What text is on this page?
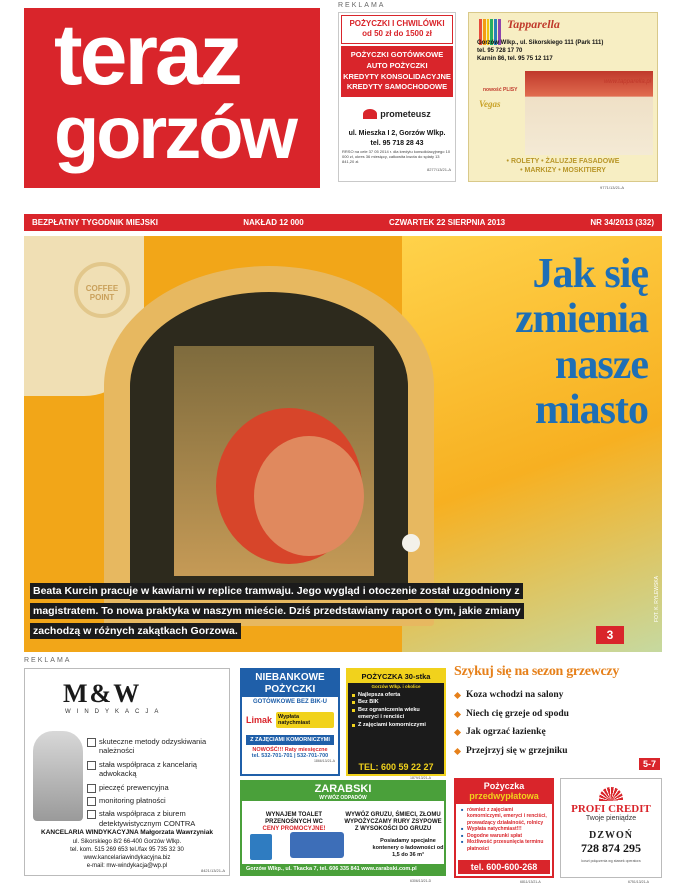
teraz
gorzów
REKLAMA
POŻYCZKI I CHWILÓWKI od 50 zł do 1500 zł
POŻYCZKI GOTÓWKOWE
AUTO POŻYCZKI
KREDYTY KONSOLIDACYJNE
KREDYTY SAMOCHODOWE
prometeusz
ul. Mieszka I 2, Gorzów Wlkp.
tel. 95 718 28 43
RRSO na cele 37 05 2014 r. dla kredytu konsolidacyjnego 10 000 zł, okres 36 miesięcy, całkowita kwota do spłaty 13 841,20 zł.
8277/13/21-A
Tapparella
Gorzów Wlkp., ul. Sikorskiego 111 (Park 111)
tel. 95 728 17 70
Karnin 86, tel. 95 75 12 117
www.tapparella.pl
nowość PLISY
Vegas
• ROLETY • ŻALUZJE FASADOWE
• MARKIZY • MOSKITIERY
9771/13/21-A
BEZPŁATNY TYGODNIK MIEJSKI	NAKŁAD 12 000	CZWARTEK 22 SIERPNIA 2013	NR 34/2013 (332)
COFFEE POINT
Jak się
zmienia
nasze
miasto
Beata Kurcin pracuje w kawiarni w replice tramwaju. Jego wygląd i otoczenie został uzgodniony z magistratem. To nowa praktyka w naszym mieście. Dziś przedstawiamy raport o tym, jakie zmiany zachodzą w różnych zakątkach Gorzowa.	3
FOT. K. RYLEWSKA
REKLAMA
M&W
WINDYKACJA
skuteczne metody odzyskiwania należności
stała współpraca z kancelarią adwokacką
pieczęć prewencyjna
monitoring płatności
stała współpraca z biurem detektywistycznym CONTRA
KANCELARIA WINDYKACYJNA Małgorzata Wawrzyniak
ul. Sikorskiego 8/2 66-400 Gorzów Wlkp.
tel. kom. 515 269 653 tel./fax 95 735 32 30
www.kancelariawindykacyjna.biz
e-mail: mw-windykacja@wp.pl
8421/13/21-A
NIEBANKOWE POŻYCZKI
GOTÓWKOWE BEZ BIK-U
Limak	Wypłata natychmiast
Z ZAJĘCIAMI KOMORNICZYMI
NOWOŚĆ!!! Raty miesięczne
tel. 532-701-701 | 532-701-700
1866/13/21-A
POŻYCZKA 30-stka
Gorzów Wlkp. i okolice
Najlepsza oferta
Bez BIK
Bez ograniczenia wieku emeryci i renciści
Z zajęciami komorniczymi
TEL: 600 59 22 27
1879/13/21-A
ZARABSKI
WYWÓZ ODPADÓW
WYNAJEM TOALET PRZENOŚNYCH WC
CENY PROMOCYJNE!
WYWÓZ GRUZU, ŚMIECI, ZŁOMU WYPOŻYCZAMY RURY ZSYPOWE Z WYSOKOŚCI DO GRUZU
Posiadamy specjalne kontenery o ładowności od 1,5 do 36 m³
Gorzów Wlkp., ul. Tkacka 7, tel. 606 335 841 www.zarabski.com.pl
6306/13/21-D
Szykuj się na sezon grzewczy
Koza wchodzi na salony
Niech cię grzeje od spodu
Jak ogrzać łazienkę
Przejrzyj się w grzejniku
5-7
Pożyczka
przedwypłatowa
■ również z zajęciami komorniczymi, emeryci i renciści, prowadzący działalność, rolnicy
■ Wypłata natychmiast!!!
■ Dogodne warunki spłat
■ Możliwość przesunięcia terminu płatności
tel. 600-600-268
6811/13/21-A
PROFI CREDIT
Twoje pieniądze
DZWOŃ
728 874 295
koszt połączenia wg stawek operatora
6751/13/21-A
